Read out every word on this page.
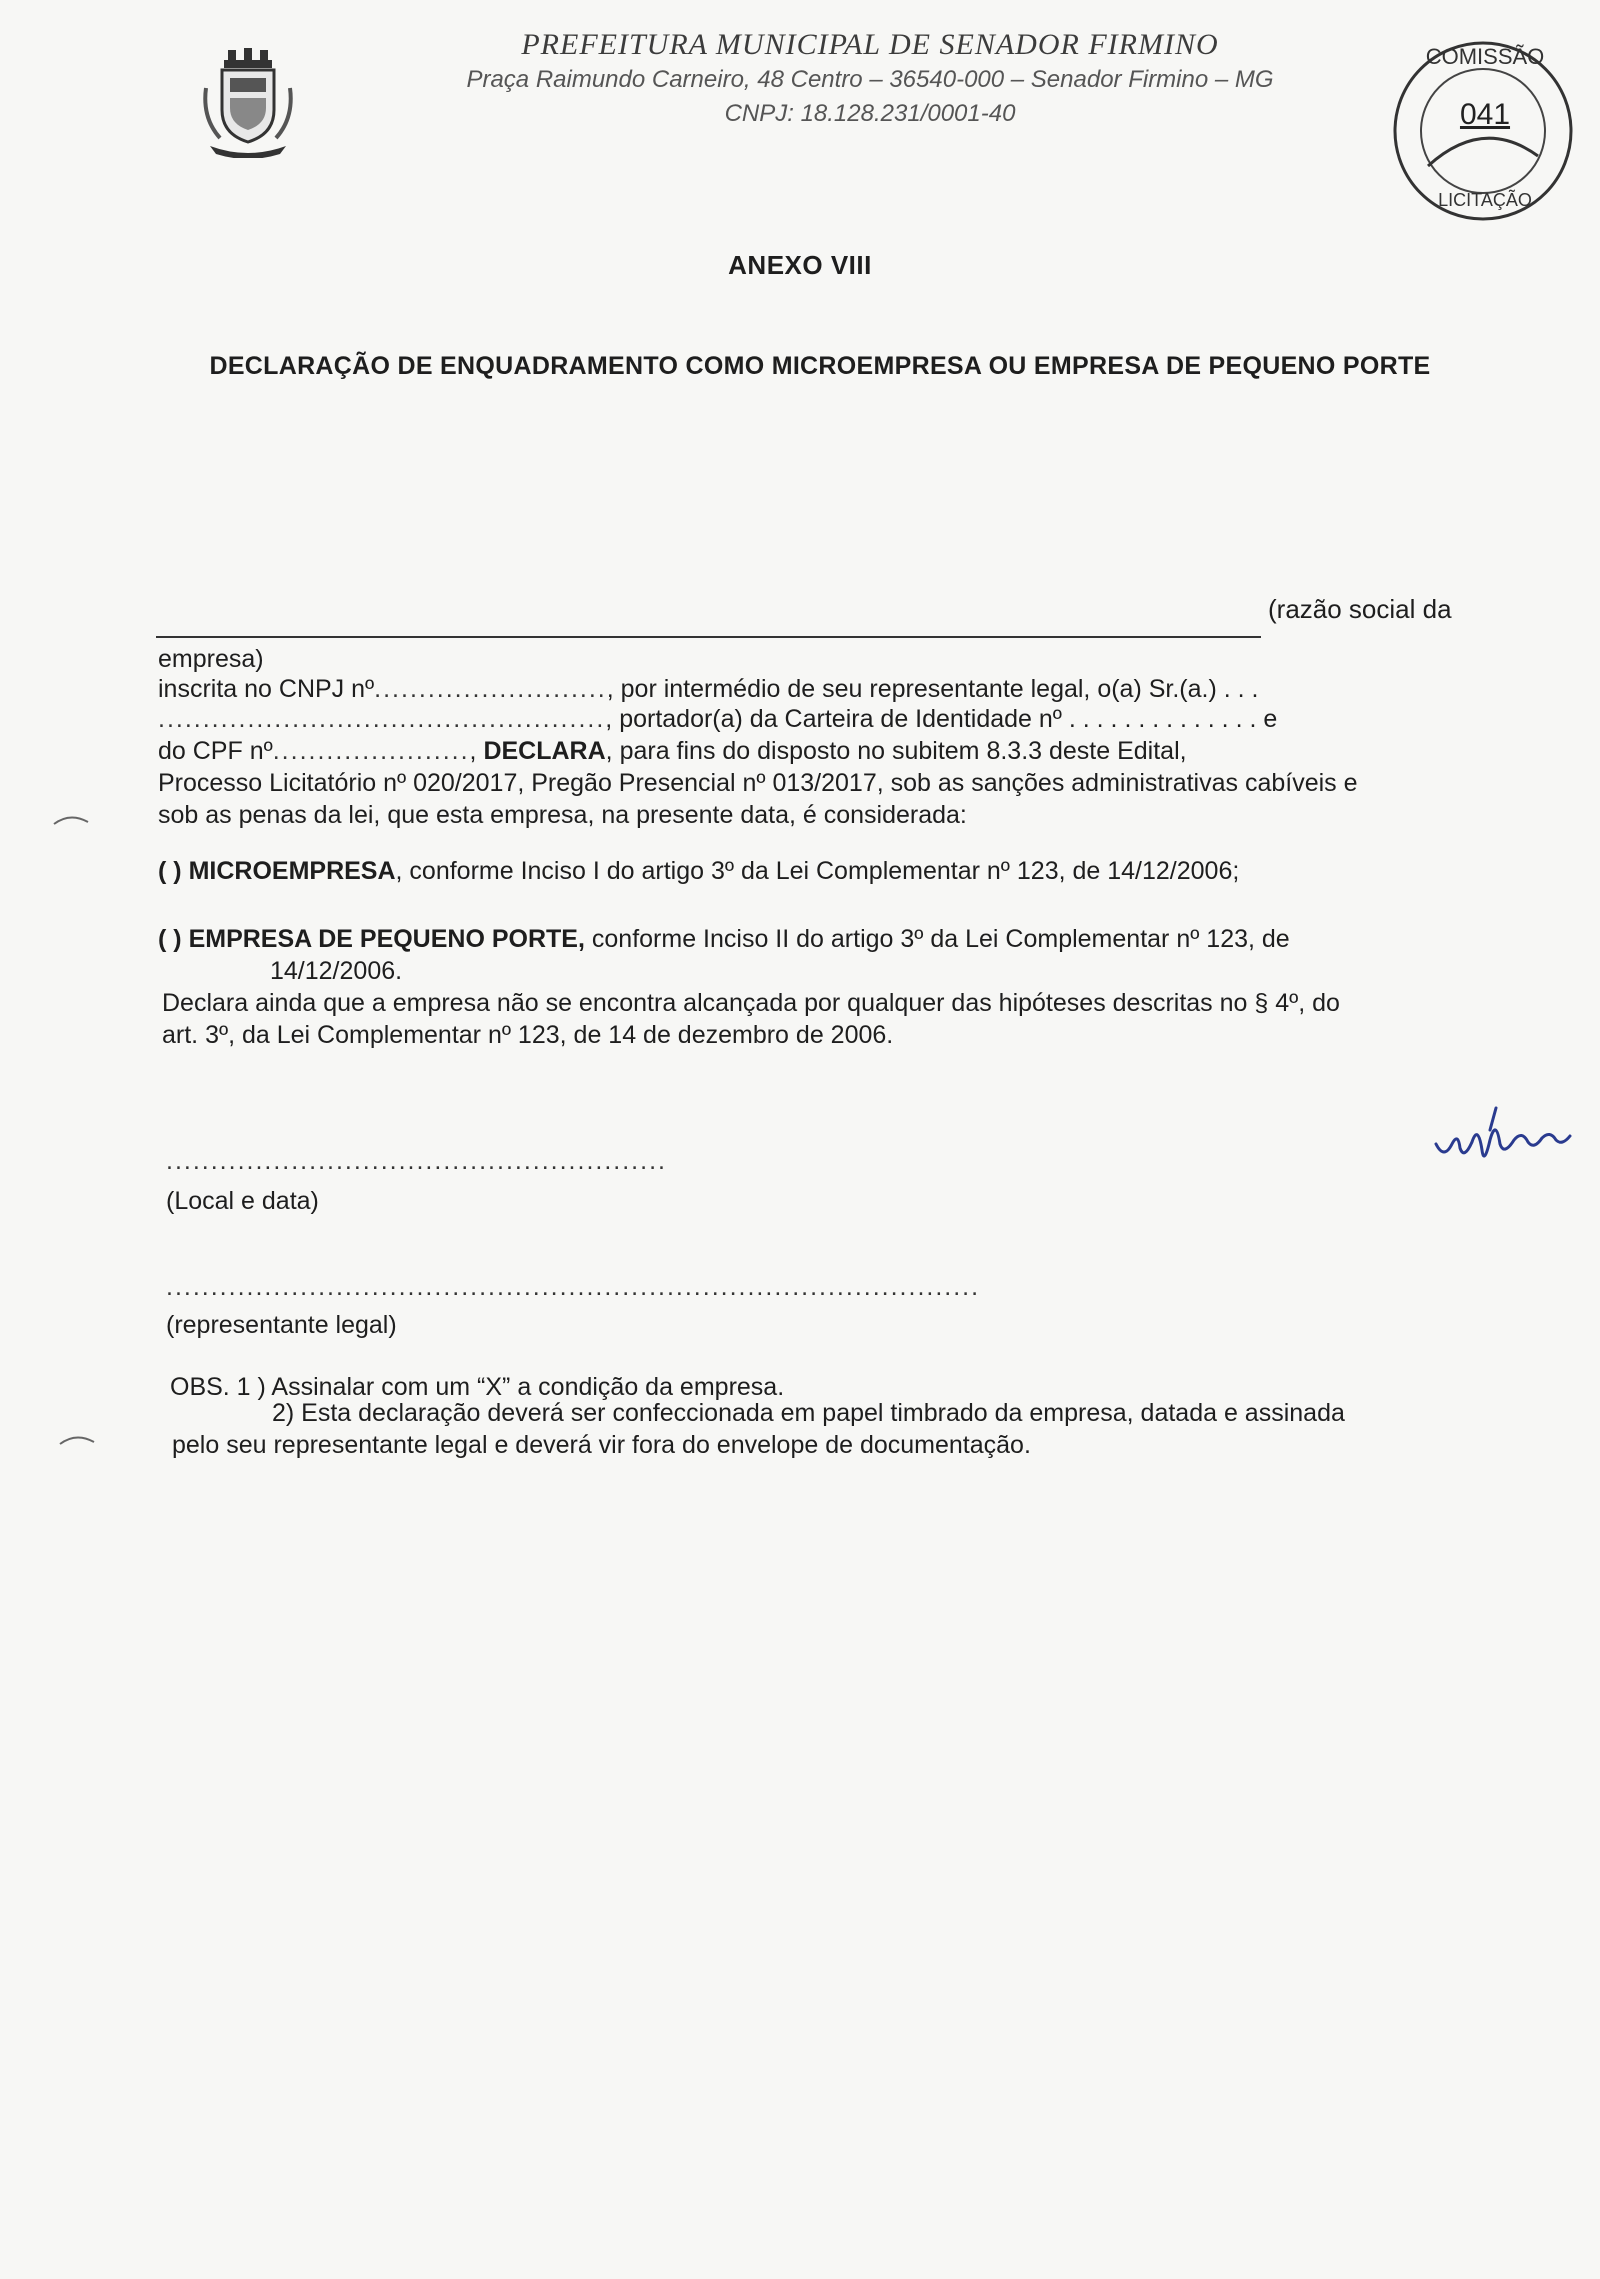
PREFEITURA MUNICIPAL DE SENADOR FIRMINO
Praça Raimundo Carneiro, 48 Centro – 36540-000 – Senador Firmino – MG
CNPJ: 18.128.231/0001-40
COMISSÃO
041
LICITAÇÃO
ANEXO VIII
DECLARAÇÃO DE ENQUADRAMENTO COMO MICROEMPRESA OU EMPRESA DE PEQUENO PORTE
(razão social da
empresa)
inscrita no CNPJ nº.........................., por intermédio de seu representante legal, o(a) Sr.(a.) . . .
.................................................., portador(a) da Carteira de Identidade nº . . . . . . . . . . . . . . e
do CPF nº......................, DECLARA, para fins do disposto no subitem 8.3.3 deste Edital,
Processo Licitatório nº 020/2017, Pregão Presencial nº 013/2017, sob as sanções administrativas cabíveis e
sob as penas da lei, que esta empresa, na presente data, é considerada:
( ) MICROEMPRESA, conforme Inciso I do artigo 3º da Lei Complementar nº 123, de 14/12/2006;
( ) EMPRESA DE PEQUENO PORTE, conforme Inciso II do artigo 3º da Lei Complementar nº 123, de
14/12/2006.
Declara ainda que a empresa não se encontra alcançada por qualquer das hipóteses descritas no § 4º, do
art. 3º, da Lei Complementar nº 123, de 14 de dezembro de 2006.
........................................................
(Local e data)
...........................................................................................
(representante legal)
OBS. 1 ) Assinalar com um “X” a condição da empresa.
2) Esta declaração deverá ser confeccionada em papel timbrado da empresa, datada e assinada
pelo seu representante legal e deverá vir fora do envelope de documentação.
